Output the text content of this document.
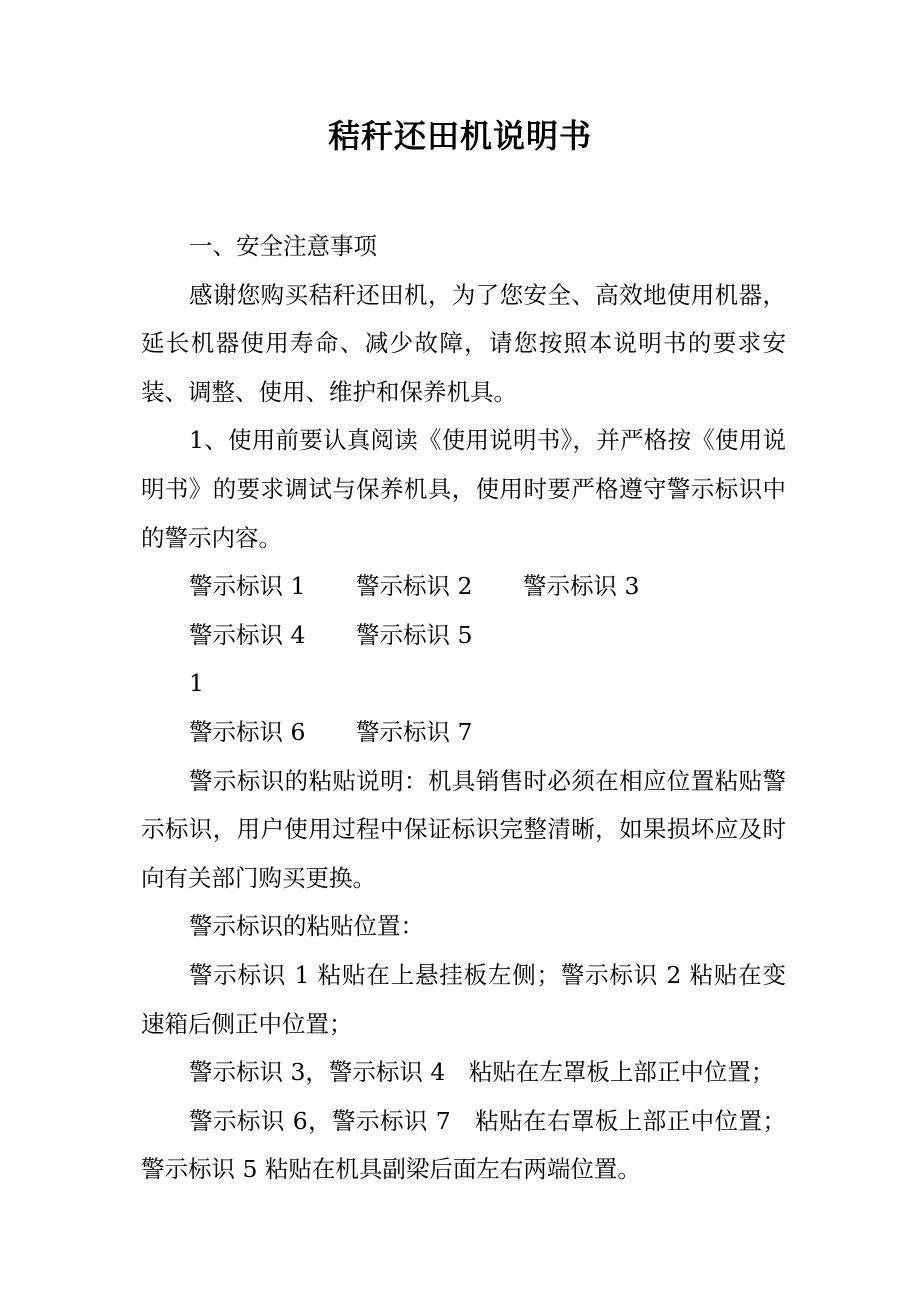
秸秆还田机说明书

一、安全注意事项

感谢您购买秸秆还田机，为了您安全、高效地使用机器，延长机器使用寿命、减少故障，请您按照本说明书的要求安装、调整、使用、维护和保养机具。

1、使用前要认真阅读《使用说明书》，并严格按《使用说明书》的要求调试与保养机具，使用时要严格遵守警示标识中的警示内容。

警示标识 1 警示标识 2 警示标识 3
警示标识 4 警示标识 5
1
警示标识 6 警示标识 7

警示标识的粘贴说明：机具销售时必须在相应位置粘贴警示标识，用户使用过程中保证标识完整清晰，如果损坏应及时向有关部门购买更换。

警示标识的粘贴位置：

警示标识 1 粘贴在上悬挂板左侧；警示标识 2 粘贴在变速箱后侧正中位置；

警示标识 3，警示标识 4　粘贴在左罩板上部正中位置；

警示标识 6，警示标识 7　粘贴在右罩板上部正中位置；警示标识 5 粘贴在机具副梁后面左右两端位置。
